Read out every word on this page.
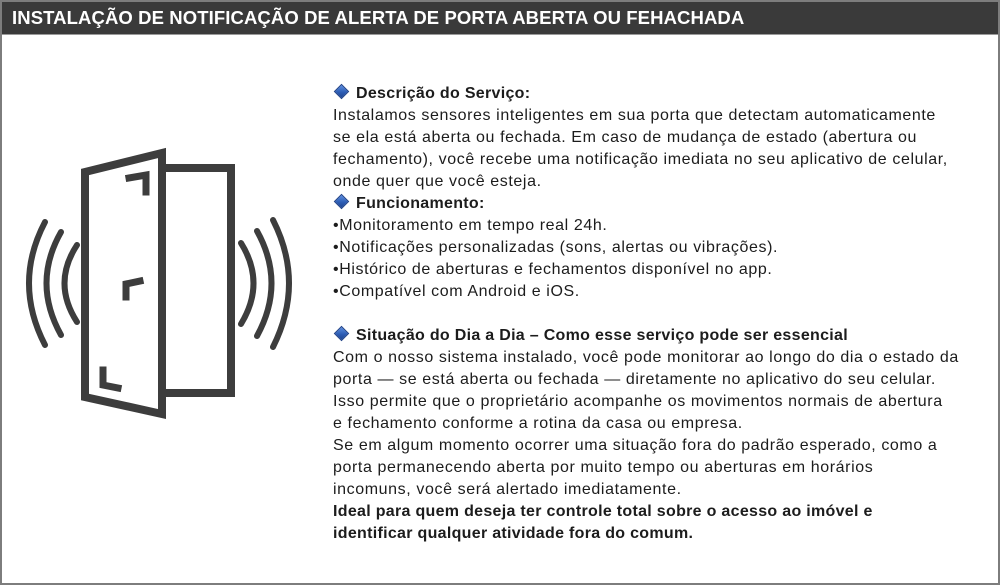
INSTALAÇÃO DE NOTIFICAÇÃO DE ALERTA DE PORTA ABERTA OU FEHACHADA
Descrição do Serviço:
Instalamos sensores inteligentes em sua porta que detectam automaticamente
se ela está aberta ou fechada. Em caso de mudança de estado (abertura ou
fechamento), você recebe uma notificação imediata no seu aplicativo de celular,
onde quer que você esteja.
Funcionamento:
•Monitoramento em tempo real 24h.
•Notificações personalizadas (sons, alertas ou vibrações).
•Histórico de aberturas e fechamentos disponível no app.
•Compatível com Android e iOS.
Situação do Dia a Dia – Como esse serviço pode ser essencial
Com o nosso sistema instalado, você pode monitorar ao longo do dia o estado da
porta — se está aberta ou fechada — diretamente no aplicativo do seu celular.
Isso permite que o proprietário acompanhe os movimentos normais de abertura
e fechamento conforme a rotina da casa ou empresa.
Se em algum momento ocorrer uma situação fora do padrão esperado, como a
porta permanecendo aberta por muito tempo ou aberturas em horários
incomuns, você será alertado imediatamente.
Ideal para quem deseja ter controle total sobre o acesso ao imóvel e
identificar qualquer atividade fora do comum.
